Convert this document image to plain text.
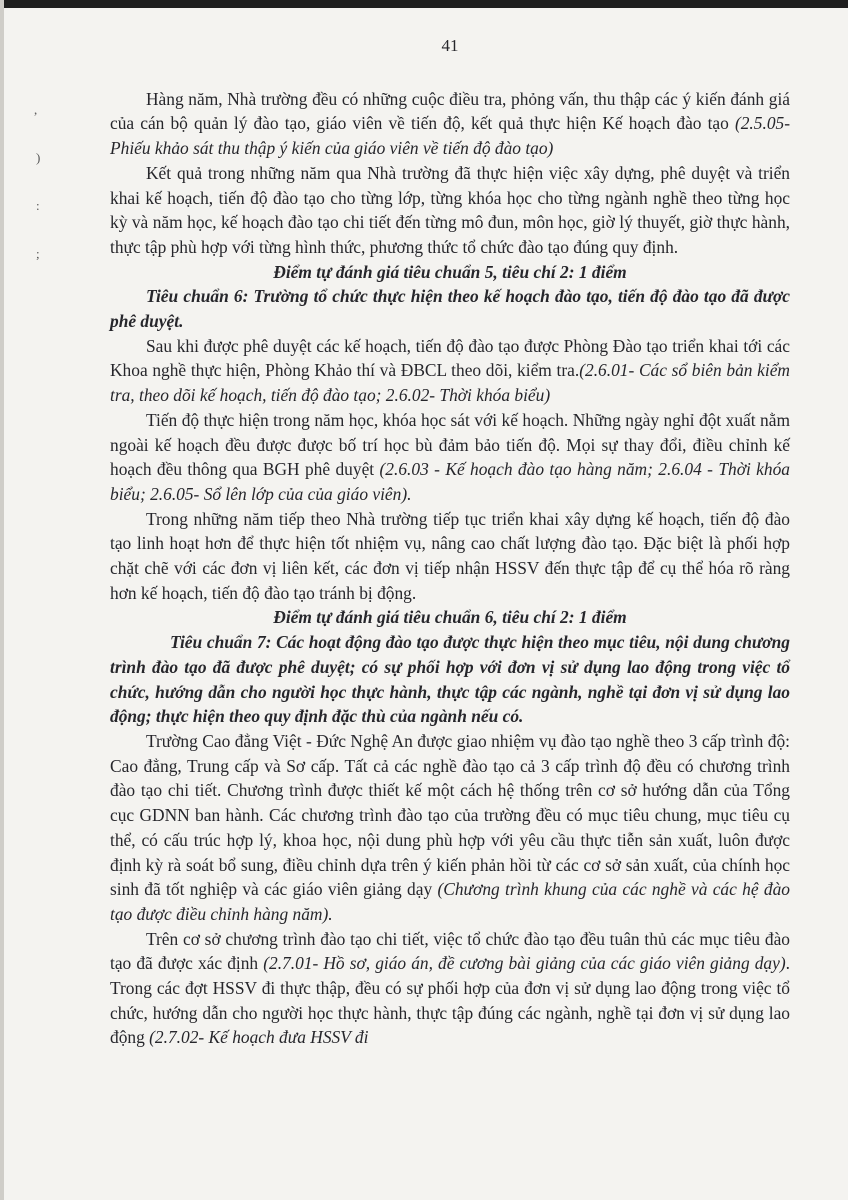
,
)
:
;
41

Hàng năm, Nhà trường đều có những cuộc điều tra, phỏng vấn, thu thập các ý kiến đánh giá của cán bộ quản lý đào tạo, giáo viên về tiến độ, kết quả thực hiện Kế hoạch đào tạo (2.5.05- Phiếu khảo sát thu thập ý kiến của giáo viên về tiến độ đào tạo)

Kết quả trong những năm qua Nhà trường đã thực hiện việc xây dựng, phê duyệt và triển khai kế hoạch, tiến độ đào tạo cho từng lớp, từng khóa học cho từng ngành nghề theo từng học kỳ và năm học, kế hoạch đào tạo chi tiết đến từng mô đun, môn học, giờ lý thuyết, giờ thực hành, thực tập phù hợp với từng hình thức, phương thức tổ chức đào tạo đúng quy định.

Điểm tự đánh giá tiêu chuẩn 5, tiêu chí 2: 1 điểm

Tiêu chuẩn 6: Trường tổ chức thực hiện theo kế hoạch đào tạo, tiến độ đào tạo đã được phê duyệt.

Sau khi được phê duyệt các kế hoạch, tiến độ đào tạo được Phòng Đào tạo triển khai tới các Khoa nghề thực hiện, Phòng Khảo thí và ĐBCL theo dõi, kiểm tra.(2.6.01- Các sổ biên bản kiểm tra, theo dõi kế hoạch, tiến độ đào tạo; 2.6.02- Thời khóa biểu)

Tiến độ thực hiện trong năm học, khóa học sát với kế hoạch. Những ngày nghỉ đột xuất nằm ngoài kế hoạch đều được được bố trí học bù đảm bảo tiến độ. Mọi sự thay đổi, điều chỉnh kế hoạch đều thông qua BGH phê duyệt (2.6.03 - Kế hoạch đào tạo hàng năm; 2.6.04 - Thời khóa biểu; 2.6.05- Sổ lên lớp của của giáo viên).

Trong những năm tiếp theo Nhà trường tiếp tục triển khai xây dựng kế hoạch, tiến độ đào tạo linh hoạt hơn để thực hiện tốt nhiệm vụ, nâng cao chất lượng đào tạo. Đặc biệt là phối hợp chặt chẽ với các đơn vị liên kết, các đơn vị tiếp nhận HSSV đến thực tập để cụ thể hóa rõ ràng hơn kế hoạch, tiến độ đào tạo tránh bị động.

Điểm tự đánh giá tiêu chuẩn 6, tiêu chí 2: 1 điểm

Tiêu chuẩn 7: Các hoạt động đào tạo được thực hiện theo mục tiêu, nội dung chương trình đào tạo đã được phê duyệt; có sự phối hợp với đơn vị sử dụng lao động trong việc tổ chức, hướng dẫn cho người học thực hành, thực tập các ngành, nghề tại đơn vị sử dụng lao động; thực hiện theo quy định đặc thù của ngành nếu có.

Trường Cao đẳng Việt - Đức Nghệ An được giao nhiệm vụ đào tạo nghề theo 3 cấp trình độ: Cao đẳng, Trung cấp và Sơ cấp. Tất cả các nghề đào tạo cả 3 cấp trình độ đều có chương trình đào tạo chi tiết. Chương trình được thiết kế một cách hệ thống trên cơ sở hướng dẫn của Tổng cục GDNN ban hành. Các chương trình đào tạo của trường đều có mục tiêu chung, mục tiêu cụ thể, có cấu trúc hợp lý, khoa học, nội dung phù hợp với yêu cầu thực tiễn sản xuất, luôn được định kỳ rà soát bổ sung, điều chỉnh dựa trên ý kiến phản hồi từ các cơ sở sản xuất, của chính học sinh đã tốt nghiệp và các giáo viên giảng dạy (Chương trình khung của các nghề và các hệ đào tạo được điều chỉnh hàng năm).

Trên cơ sở chương trình đào tạo chi tiết, việc tổ chức đào tạo đều tuân thủ các mục tiêu đào tạo đã được xác định (2.7.01- Hồ sơ, giáo án, đề cương bài giảng của các giáo viên giảng dạy). Trong các đợt HSSV đi thực thập, đều có sự phối hợp của đơn vị sử dụng lao động trong việc tổ chức, hướng dẫn cho người học thực hành, thực tập đúng các ngành, nghề tại đơn vị sử dụng lao động (2.7.02- Kế hoạch đưa HSSV đi
